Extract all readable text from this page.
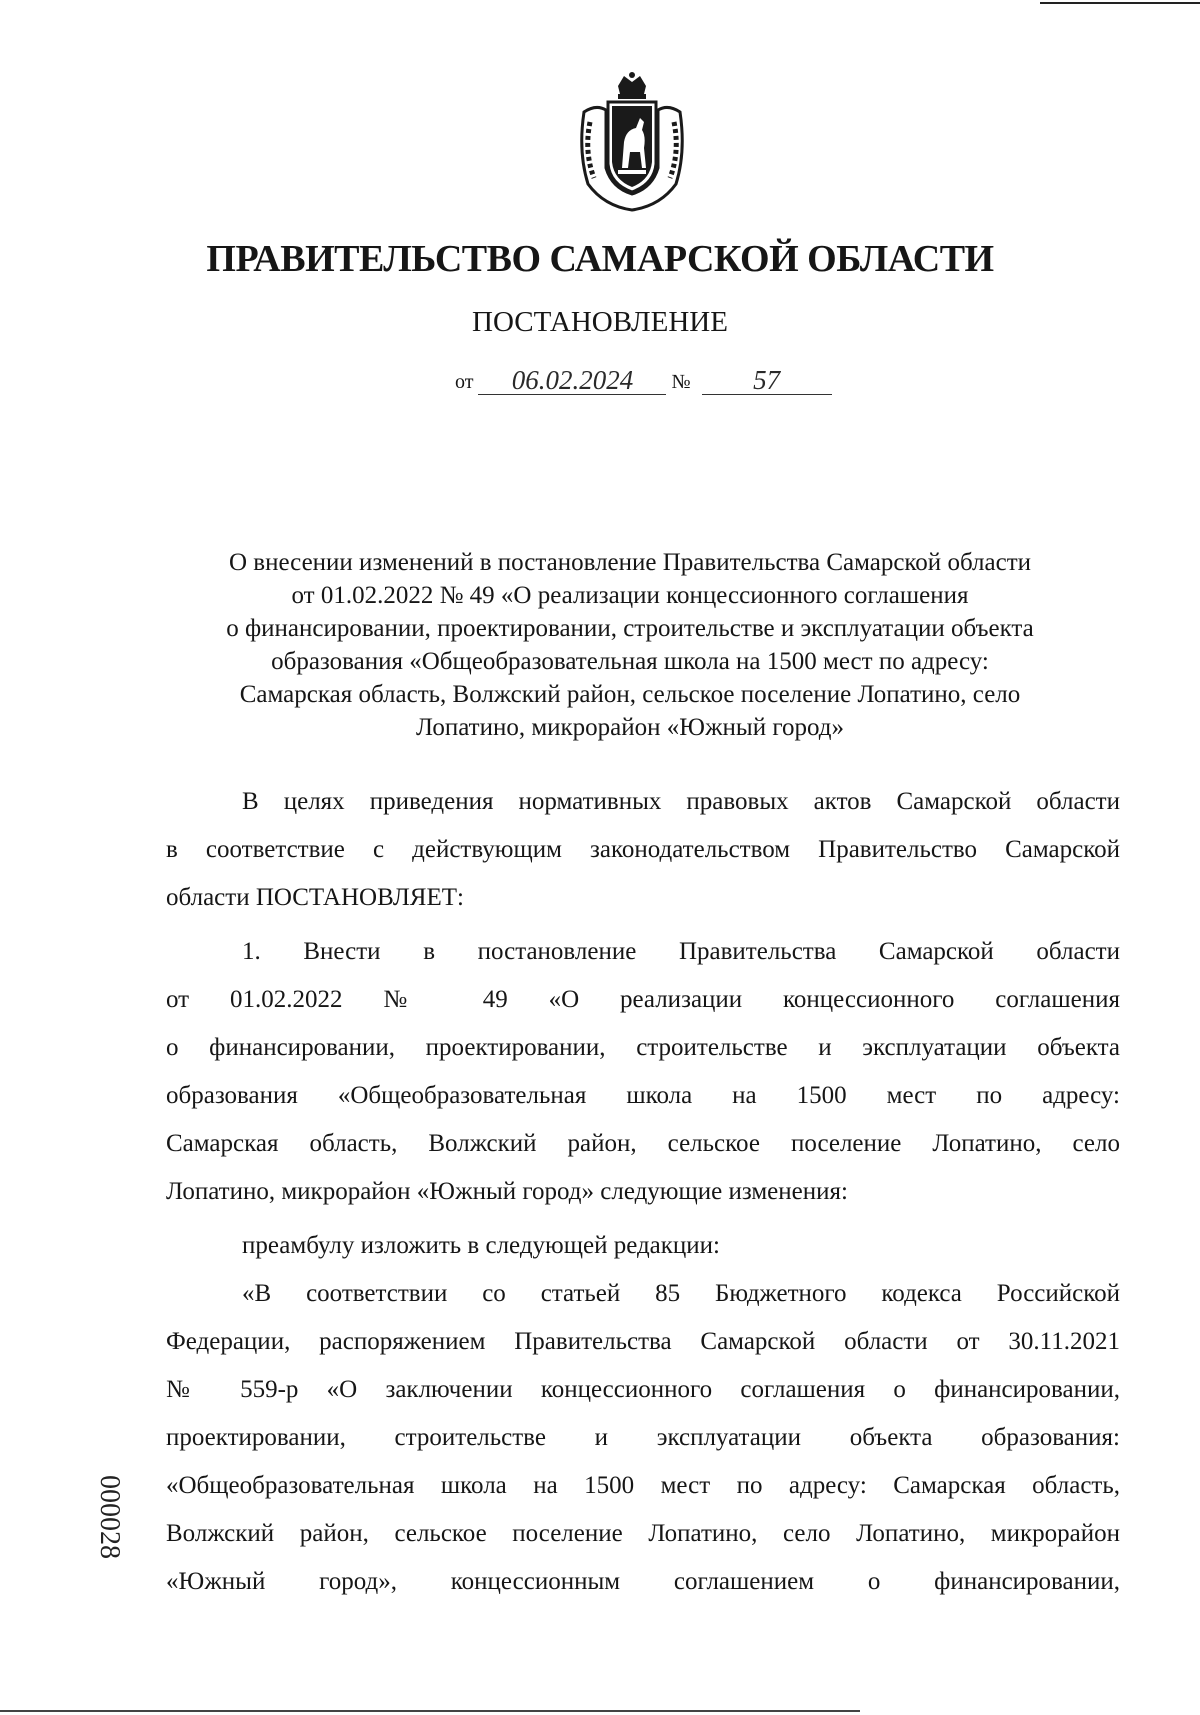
ПРАВИТЕЛЬСТВО САМАРСКОЙ ОБЛАСТИ
ПОСТАНОВЛЕНИЕ
от 06.02.2024 № 57
О внесении изменений в постановление Правительства Самарской области
от 01.02.2022 № 49 «О реализации концессионного соглашения
о финансировании, проектировании, строительстве и эксплуатации объекта
образования «Общеобразовательная школа на 1500 мест по адресу:
Самарская область, Волжский район, сельское поселение Лопатино, село
Лопатино, микрорайон «Южный город»
В целях приведения нормативных правовых актов Самарской области
в соответствие с действующим законодательством Правительство Самарской
области ПОСТАНОВЛЯЕТ:
1. Внести в постановление Правительства Самарской области
от 01.02.2022 № 49 «О реализации концессионного соглашения
о финансировании, проектировании, строительстве и эксплуатации объекта
образования «Общеобразовательная школа на 1500 мест по адресу:
Самарская область, Волжский район, сельское поселение Лопатино, село
Лопатино, микрорайон «Южный город» следующие изменения:
преамбулу изложить в следующей редакции:
«В соответствии со статьей 85 Бюджетного кодекса Российской
Федерации, распоряжением Правительства Самарской области от 30.11.2021
№ 559-р «О заключении концессионного соглашения о финансировании,
проектировании, строительстве и эксплуатации объекта образования:
«Общеобразовательная школа на 1500 мест по адресу: Самарская область,
Волжский район, сельское поселение Лопатино, село Лопатино, микрорайон
«Южный город», концессионным соглашением о финансировании,
000028
